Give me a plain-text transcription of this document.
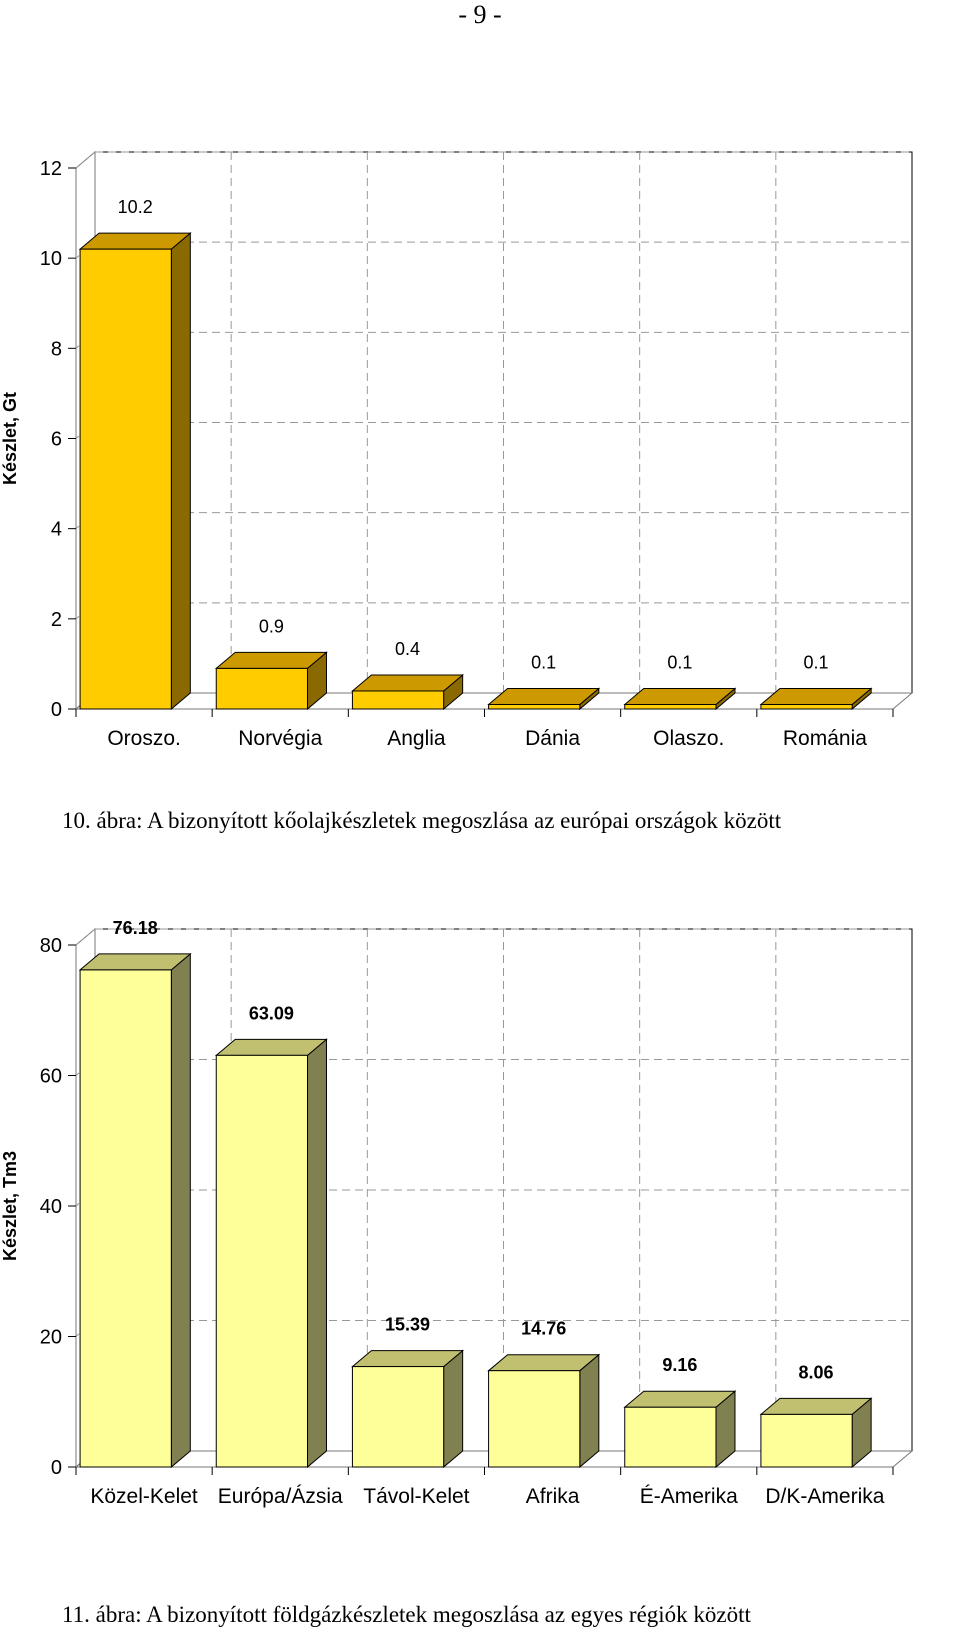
- 9 -
0
2
4
6
8
10
12
10.2
Oroszo.
0.9
Norvégia
0.4
Anglia
0.1
Dánia
0.1
Olaszo.
0.1
Románia
Készlet, Gt
10. ábra: A bizonyított kőolajkészletek megoszlása az európai országok között
0
20
40
60
80
76.18
Közel-Kelet
63.09
Európa/Ázsia
15.39
Távol-Kelet
14.76
Afrika
9.16
É-Amerika
8.06
D/K-Amerika
Készlet, Tm3
11. ábra: A bizonyított földgázkészletek megoszlása az egyes régiók között
